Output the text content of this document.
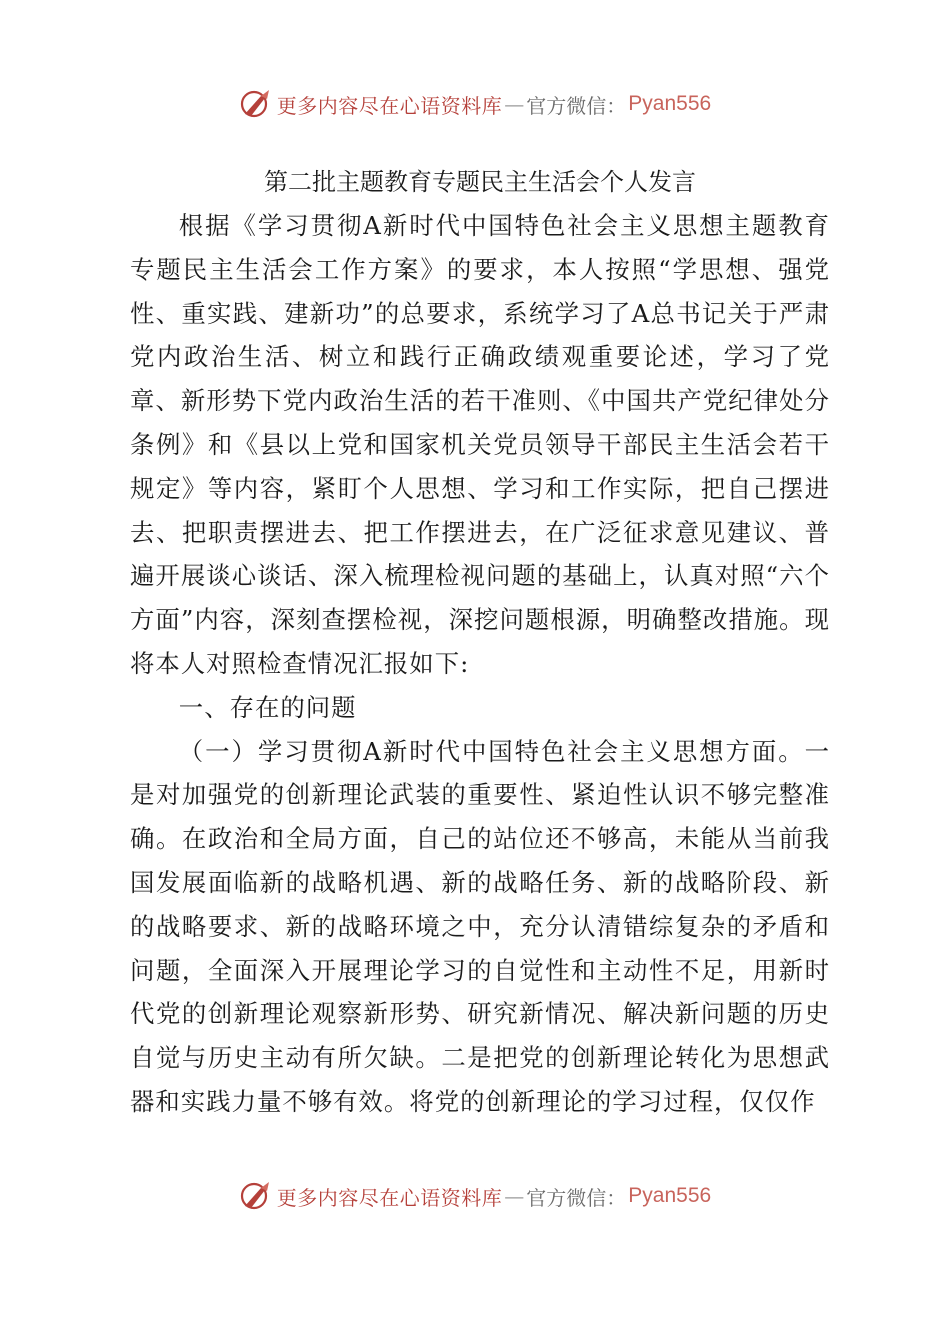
更多内容尽在心语资料库 — 官方微信： Pyan556
第二批主题教育专题民主生活会个人发言

根据《学习贯彻A新时代中国特色社会主义思想主题教育专题民主生活会工作方案》的要求，本人按照“学思想、强党性、重实践、建新功”的总要求，系统学习了A总书记关于严肃党内政治生活、树立和践行正确政绩观重要论述，学习了党章、新形势下党内政治生活的若干准则、《中国共产党纪律处分条例》和《县以上党和国家机关党员领导干部民主生活会若干规定》等内容，紧盯个人思想、学习和工作实际，把自己摆进去、把职责摆进去、把工作摆进去，在广泛征求意见建议、普遍开展谈心谈话、深入梳理检视问题的基础上，认真对照“六个方面”内容，深刻查摆检视，深挖问题根源，明确整改措施。现将本人对照检查情况汇报如下:

一、存在的问题

（一）学习贯彻A新时代中国特色社会主义思想方面。一是对加强党的创新理论武装的重要性、紧迫性认识不够完整准确。在政治和全局方面，自己的站位还不够高，未能从当前我国发展面临新的战略机遇、新的战略任务、新的战略阶段、新的战略要求、新的战略环境之中，充分认清错综复杂的矛盾和问题，全面深入开展理论学习的自觉性和主动性不足，用新时代党的创新理论观察新形势、研究新情况、解决新问题的历史自觉与历史主动有所欠缺。二是把党的创新理论转化为思想武器和实践力量不够有效。将党的创新理论的学习过程，仅仅作

更多内容尽在心语资料库 — 官方微信： Pyan556
